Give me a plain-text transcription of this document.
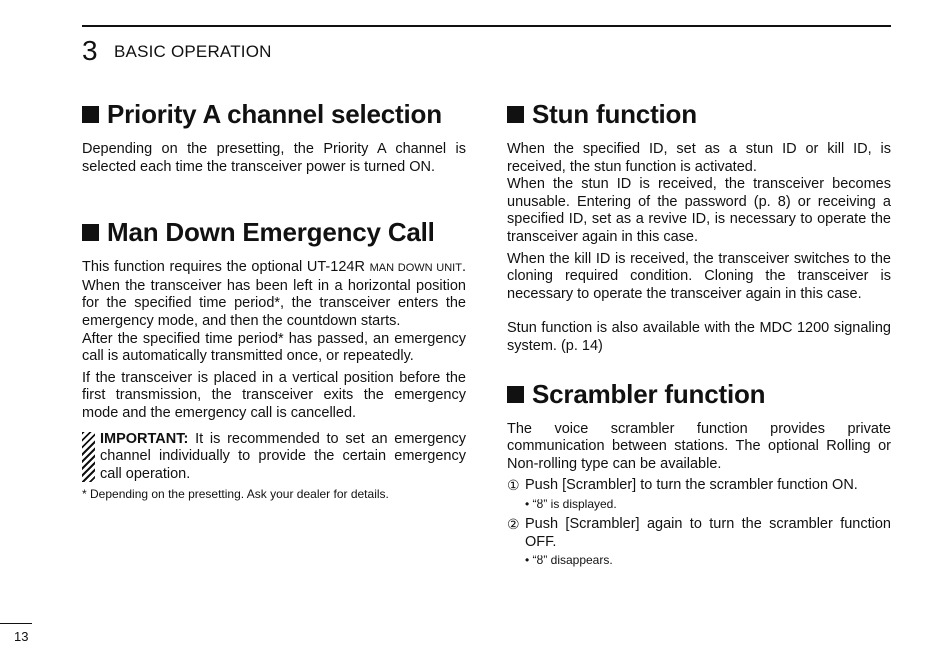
3 BASIC OPERATION
Priority A channel selection

Depending on the presetting, the Priority A channel is selected each time the transceiver power is turned ON.

Man Down Emergency Call

This function requires the optional UT-124R MAN DOWN UNIT. When the transceiver has been left in a horizontal position for the specified time period*, the transceiver enters the emergency mode, and then the countdown starts.

After the specified time period* has passed, an emergency call is automatically transmitted once, or repeatedly.

If the transceiver is placed in a vertical position before the first transmission, the transceiver exits the emergency mode and the emergency call is cancelled.

IMPORTANT: It is recommended to set an emergency channel individually to provide the certain emergency call operation.

* Depending on the presetting. Ask your dealer for details.

Stun function

When the specified ID, set as a stun ID or kill ID, is received, the stun function is activated.

When the stun ID is received, the transceiver becomes unusable. Entering of the password (p. 8) or receiving a specified ID, set as a revive ID, is necessary to operate the transceiver again in this case.

When the kill ID is received, the transceiver switches to the cloning required condition. Cloning the transceiver is necessary to operate the transceiver again in this case.

Stun function is also available with the MDC 1200 signaling system. (p. 14)

Scrambler function

The voice scrambler function provides private communication between stations. The optional Rolling or Non-rolling type can be available.

① Push [Scrambler] to turn the scrambler function ON.

• “ȣ” is displayed.
② Push [Scrambler] again to turn the scrambler function OFF.

• “ȣ” disappears.
13
